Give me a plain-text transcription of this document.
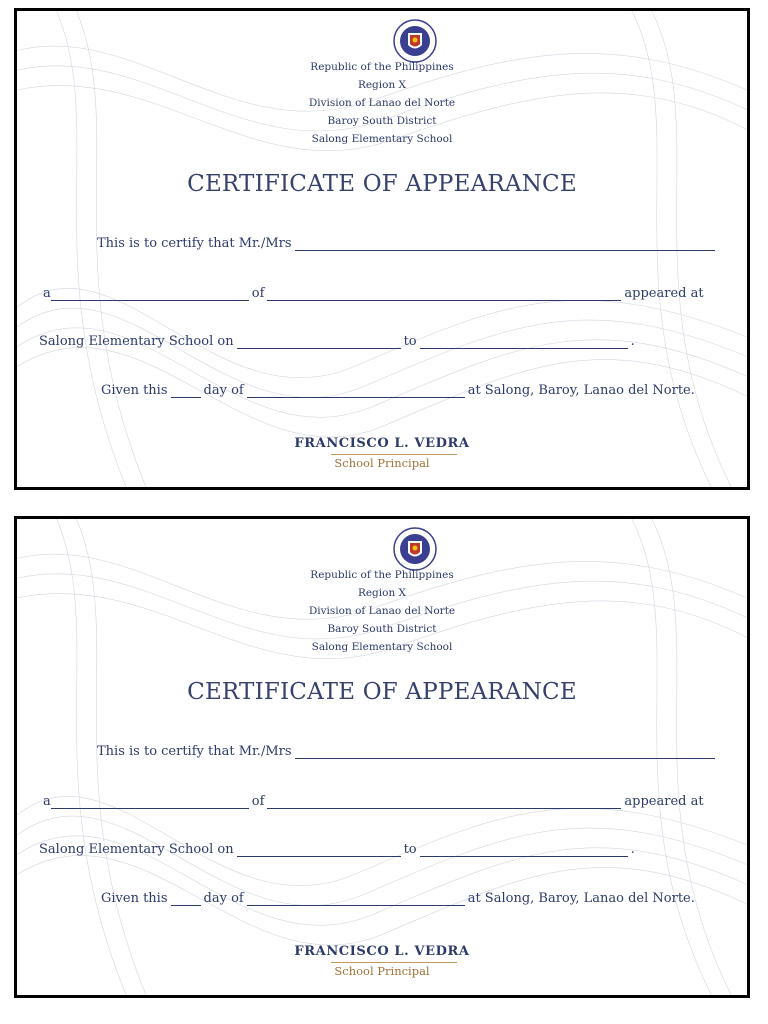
Republic of the Philippines
Region X
Division of Lanao del Norte
Baroy South District
Salong Elementary School
CERTIFICATE OF APPEARANCE
This is to certify that Mr./Mrs
a	of	appeared at
Salong Elementary School on	to	.
Given this	day of	at Salong, Baroy, Lanao del Norte.
FRANCISCO L. VEDRA
School Principal
Republic of the Philippines
Region X
Division of Lanao del Norte
Baroy South District
Salong Elementary School
CERTIFICATE OF APPEARANCE
This is to certify that Mr./Mrs
a	of	appeared at
Salong Elementary School on	to	.
Given this	day of	at Salong, Baroy, Lanao del Norte.
FRANCISCO L. VEDRA
School Principal
